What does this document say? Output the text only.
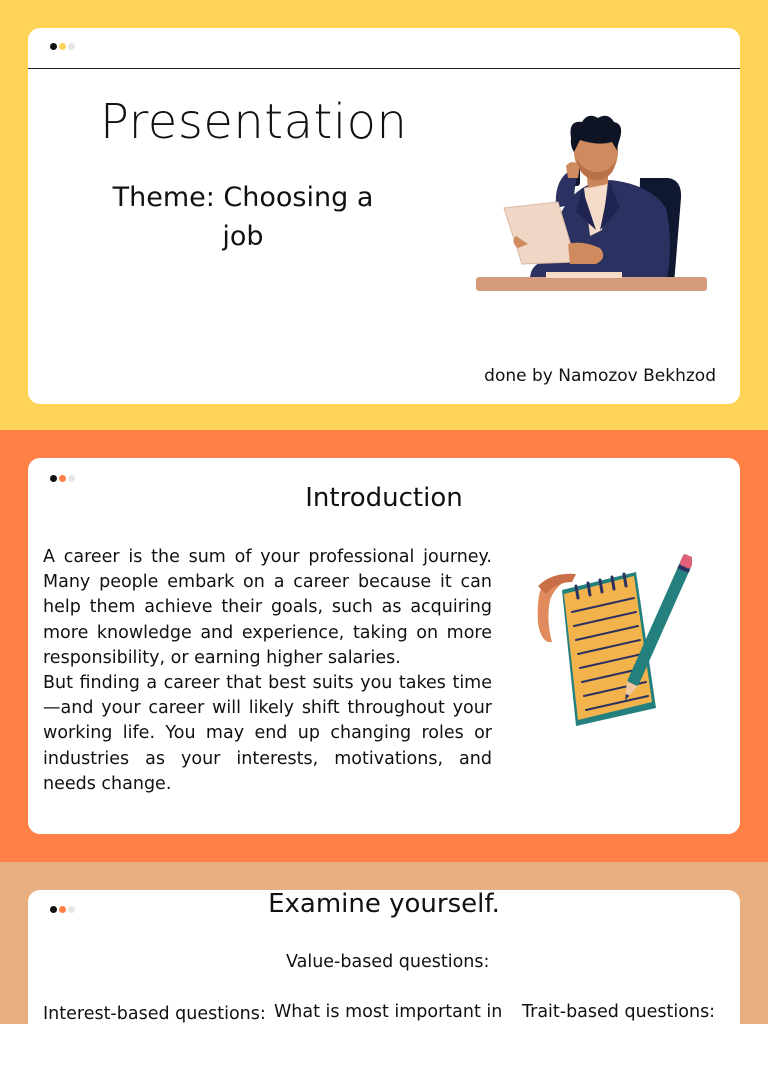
Presentation
Theme: Choosing a job
done by Namozov Bekhzod
Introduction

A career is the sum of your professional journey. Many people embark on a career because it can help them achieve their goals, such as acquiring more knowledge and experience, taking on more responsibility, or earning higher salaries.

But finding a career that best suits you takes time—and your career will likely shift throughout your working life. You may end up changing roles or industries as your interests, motivations, and needs change.

Examine yourself.
Value-based questions:
Interest-based questions: What is most important in Trait-based questions:
